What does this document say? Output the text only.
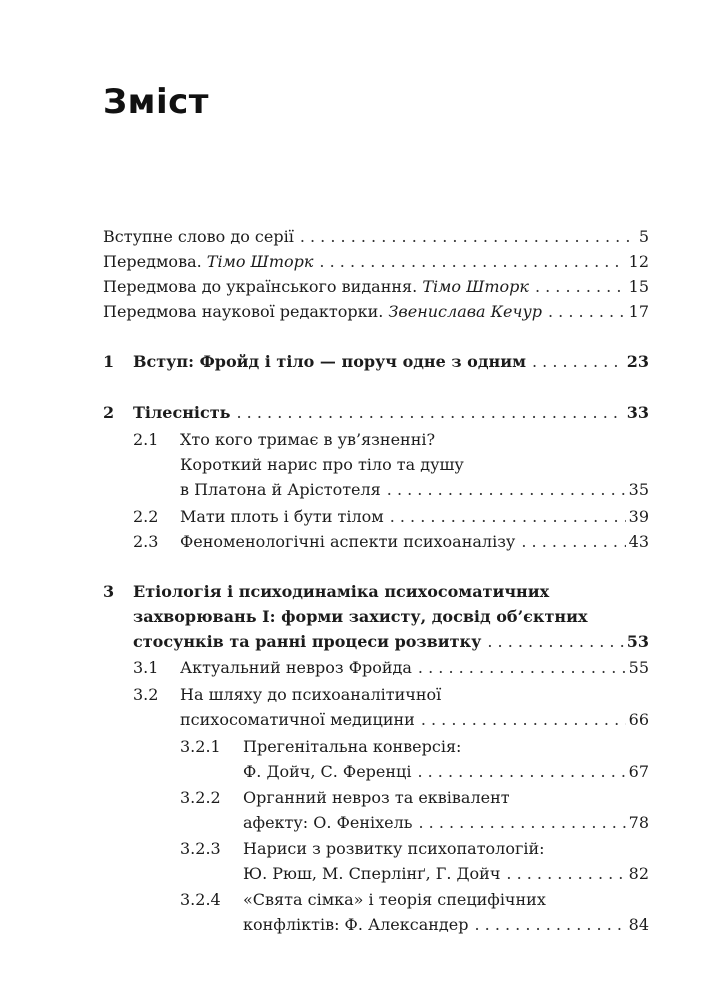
Зміст
Вступне слово до серії . . .	5
Передмова. Тімо Шторк . . .	12
Передмова до українського видання. Тімо Шторк . . .	15
Передмова наукової редакторки. Звенислава Кечур . . .	17
1 Вступ: Фройд і тіло — поруч одне з одним . . .	23
2 Тілесність . . .	33
2.1 Хто кого тримає в ув’язненні?
Короткий нарис про тіло та душу
в Платона й Арістотеля . . .	35
2.2 Мати плоть і бути тілом . . .	39
2.3 Феноменологічні аспекти психоаналізу . . .	43
3 Етіологія і психодинаміка психосоматичних
захворювань I: форми захисту, досвід об’єктних
стосунків та ранні процеси розвитку . . .	53
3.1 Актуальний невроз Фройда . . .	55
3.2 На шляху до психоаналітичної
психосоматичної медицини . . .	66
3.2.1 Прегенітальна конверсія:
Ф. Дойч, С. Ференці . . .	67
3.2.2 Органний невроз та еквівалент
афекту: О. Феніхель . . .	78
3.2.3 Нариси з розвитку психопатологій:
Ю. Рюш, М. Сперлінґ, Г. Дойч . . .	82
3.2.4 «Свята сімка» і теорія специфічних
конфліктів: Ф. Александер . . .	84
